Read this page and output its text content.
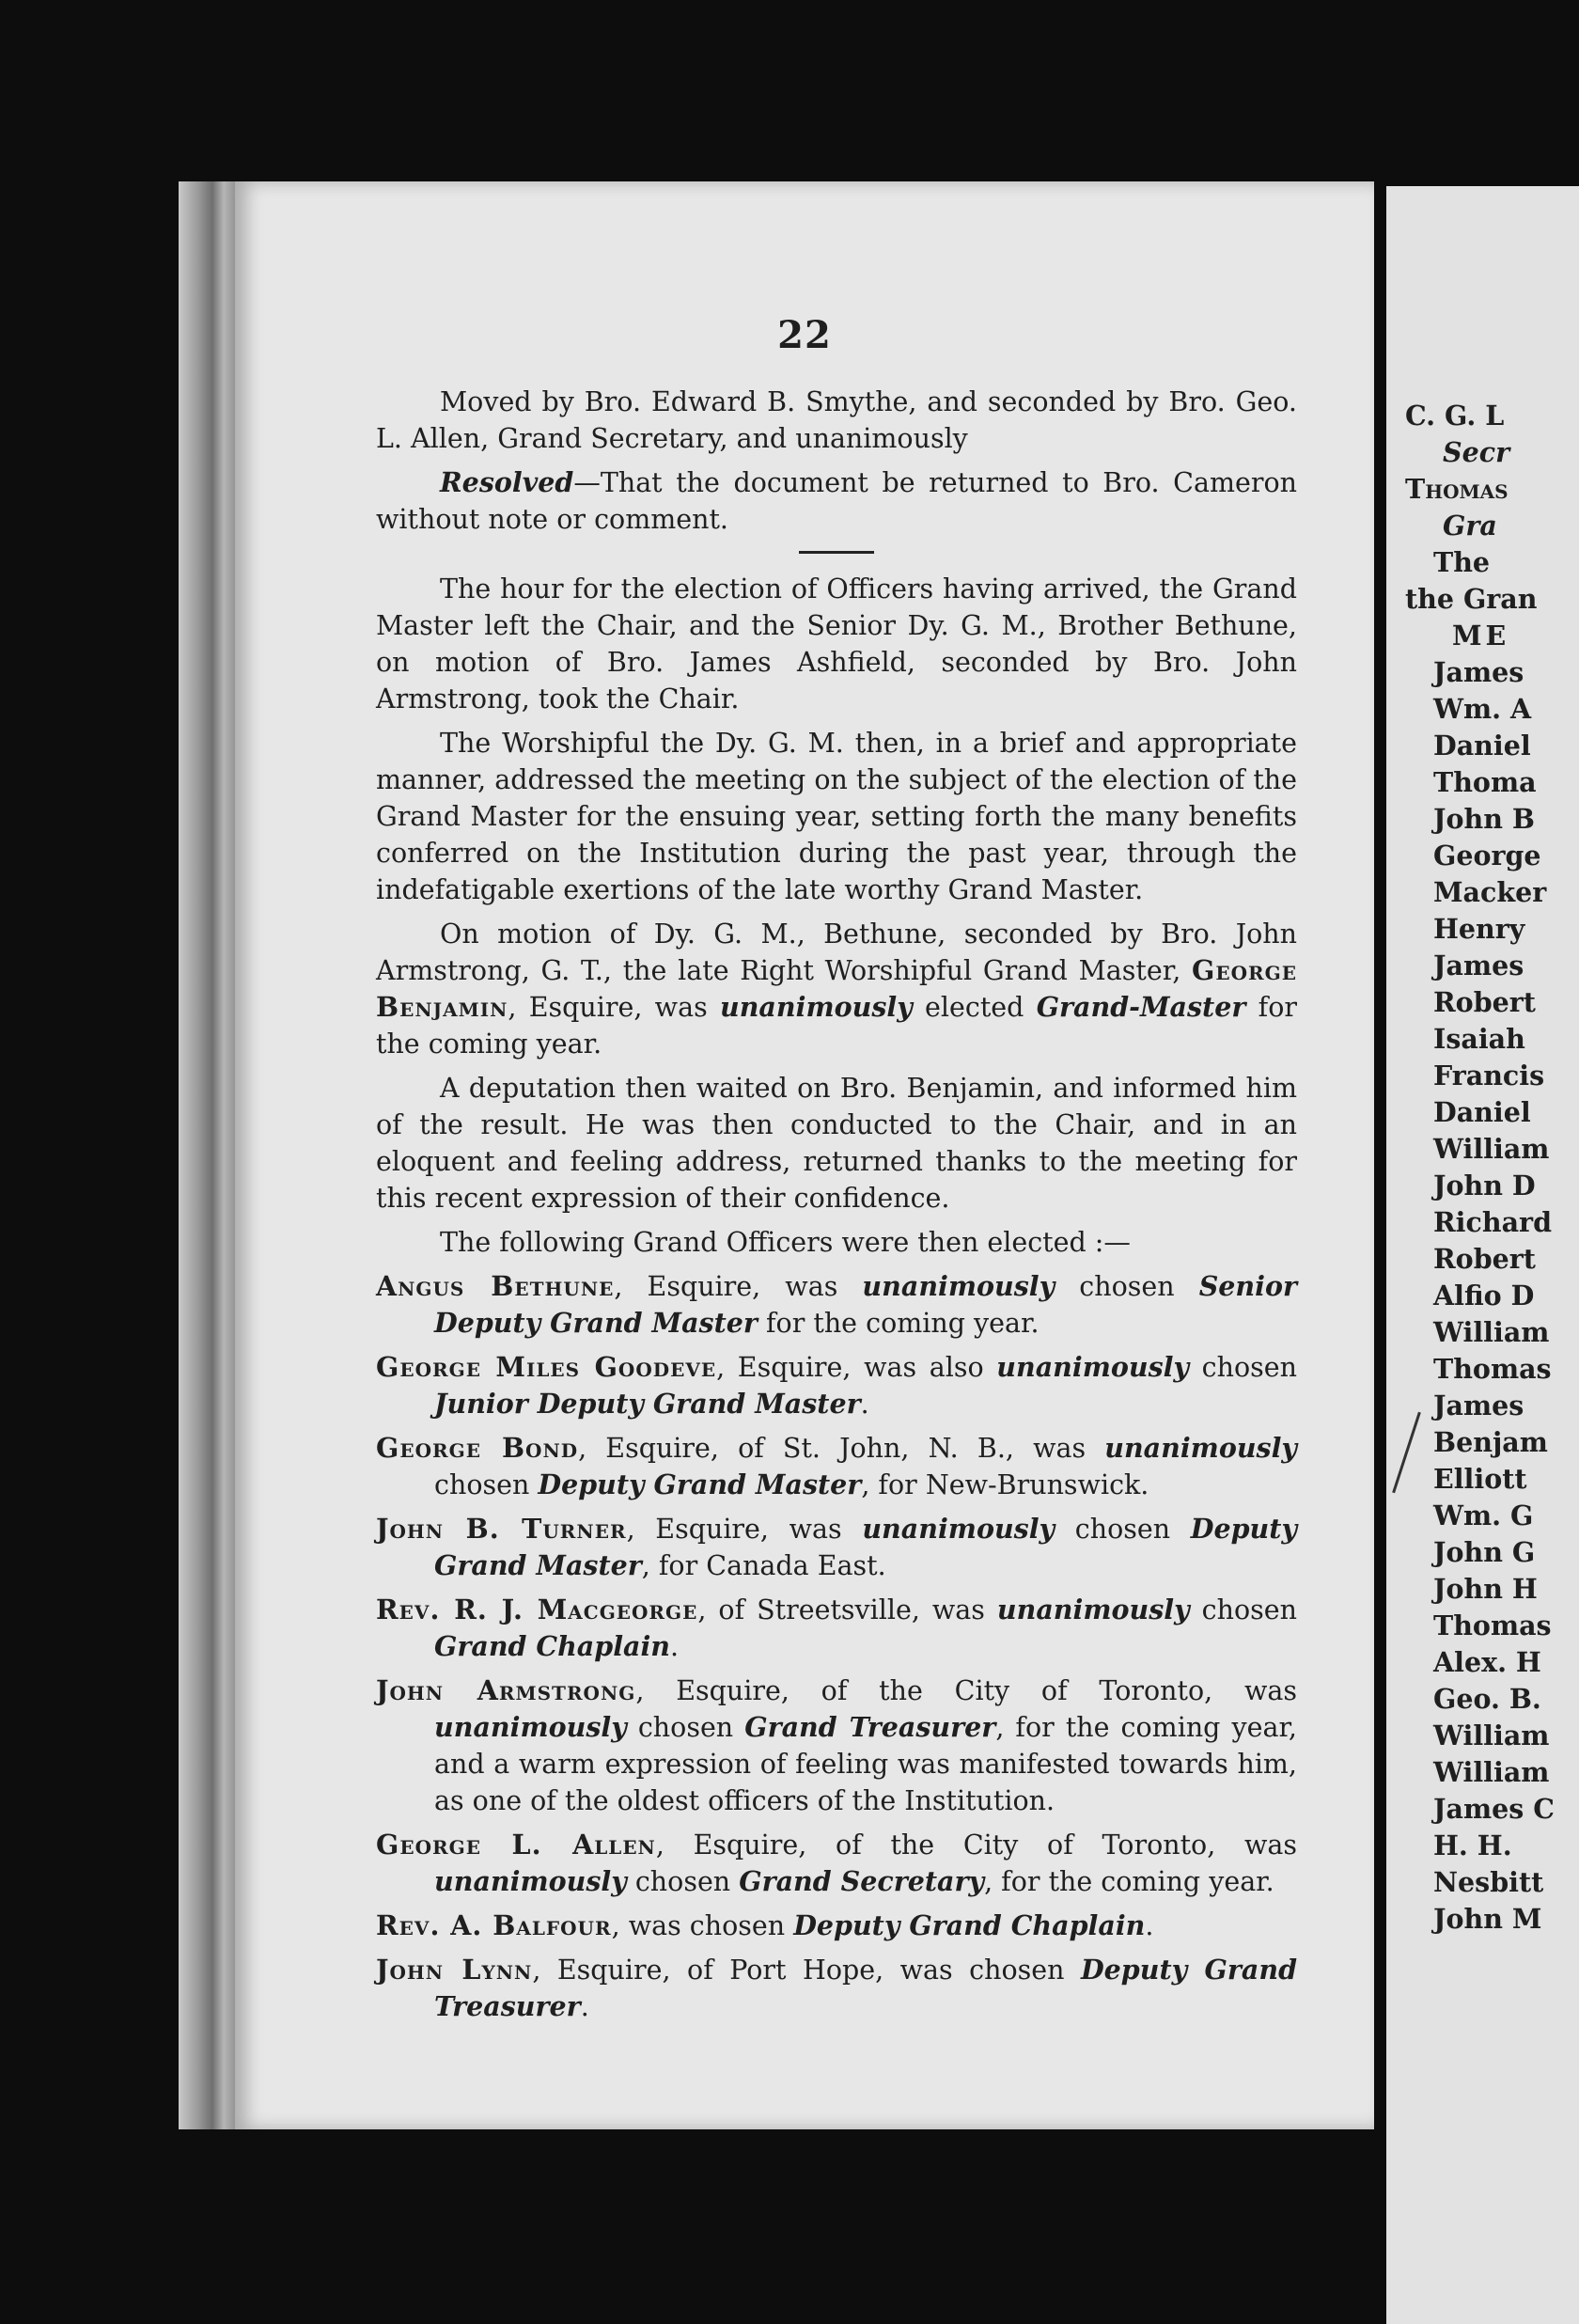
22

Moved by Bro. Edward B. Smythe, and seconded by Bro. Geo. L. Allen, Grand Secretary, and unanimously

Resolved—That the document be returned to Bro. Cameron without note or comment.

The hour for the election of Officers having arrived, the Grand Master left the Chair, and the Senior Dy. G. M., Brother Bethune, on motion of Bro. James Ashfield, seconded by Bro. John Armstrong, took the Chair.

The Worshipful the Dy. G. M. then, in a brief and appropriate manner, addressed the meeting on the subject of the election of the Grand Master for the ensuing year, setting forth the many benefits conferred on the Institution during the past year, through the indefatigable exertions of the late worthy Grand Master.

On motion of Dy. G. M., Bethune, seconded by Bro. John Armstrong, G. T., the late Right Worshipful Grand Master, George Benjamin, Esquire, was unanimously elected Grand-Master for the coming year.

A deputation then waited on Bro. Benjamin, and informed him of the result. He was then conducted to the Chair, and in an eloquent and feeling address, returned thanks to the meeting for this recent expression of their confidence.

The following Grand Officers were then elected :—

Angus Bethune, Esquire, was unanimously chosen Senior Deputy Grand Master for the coming year.

George Miles Goodeve, Esquire, was also unanimously chosen Junior Deputy Grand Master.

George Bond, Esquire, of St. John, N. B., was unanimously chosen Deputy Grand Master, for New-Brunswick.

John B. Turner, Esquire, was unanimously chosen Deputy Grand Master, for Canada East.

Rev. R. J. Macgeorge, of Streetsville, was unanimously chosen Grand Chaplain.

John Armstrong, Esquire, of the City of Toronto, was unanimously chosen Grand Treasurer, for the coming year, and a warm expression of feeling was manifested towards him, as one of the oldest officers of the Institution.

George L. Allen, Esquire, of the City of Toronto, was unanimously chosen Grand Secretary, for the coming year.

Rev. A. Balfour, was chosen Deputy Grand Chaplain.

John Lynn, Esquire, of Port Hope, was chosen Deputy Grand Treasurer.

C. G. L
Secr
Thomas
Gra
The
the Gran
ME
James
Wm. A
Daniel
Thoma
John B
George
Macker
Henry
James
Robert
Isaiah
Francis
Daniel
William
John D
Richard
Robert
Alfio D
William
Thomas
James
Benjam
Elliott
Wm. G
John G
John H
Thomas
Alex. H
Geo. B.
William
William
James C
H. H.
Nesbitt
John M
